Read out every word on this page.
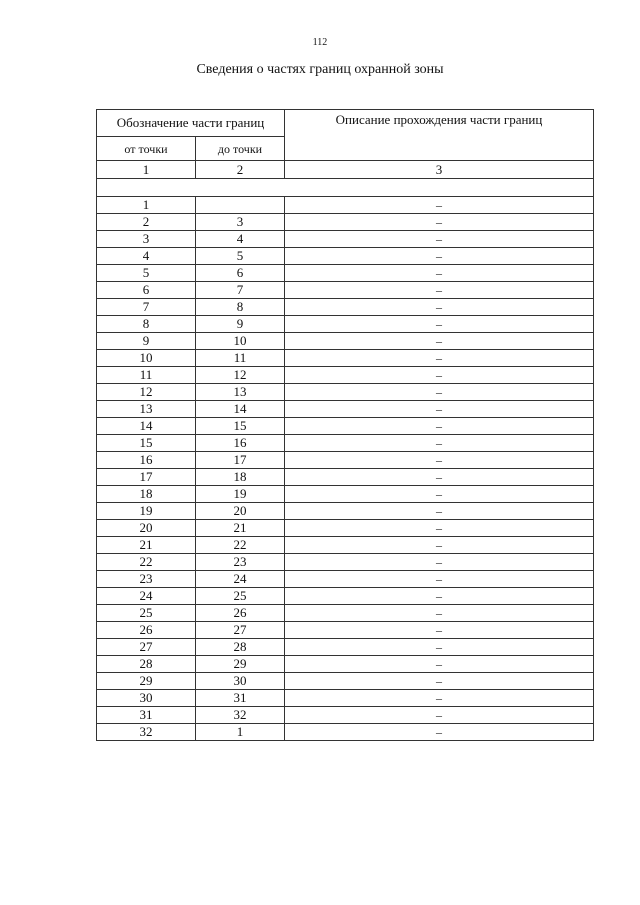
112
Сведения о частях границ охранной зоны
Обозначение части границ		Описание прохождения части границ
от точки	до точки	
1	2	3

1		–
2	3	–
3	4	–
4	5	–
5	6	–
6	7	–
7	8	–
8	9	–
9	10	–
10	11	–
11	12	–
12	13	–
13	14	–
14	15	–
15	16	–
16	17	–
17	18	–
18	19	–
19	20	–
20	21	–
21	22	–
22	23	–
23	24	–
24	25	–
25	26	–
26	27	–
27	28	–
28	29	–
29	30	–
30	31	–
31	32	–
32	1	–
